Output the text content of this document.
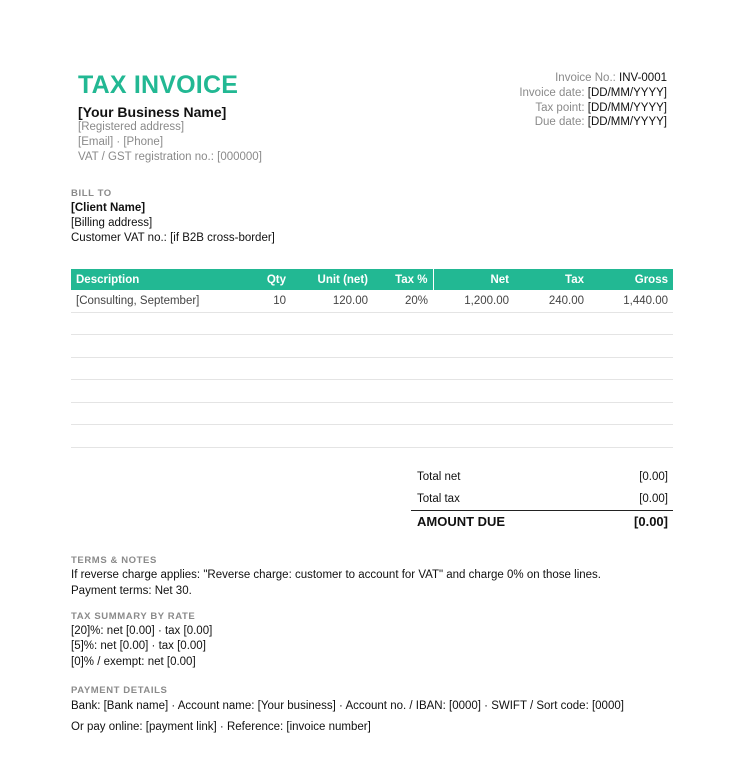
TAX INVOICE
[Your Business Name]
[Registered address]
[Email] · [Phone]
VAT / GST registration no.: [000000]
Invoice No.: INV-0001
Invoice date: [DD/MM/YYYY]
Tax point: [DD/MM/YYYY]
Due date: [DD/MM/YYYY]
BILL TO
[Client Name]
[Billing address]
Customer VAT no.: [if B2B cross-border]
Description	Qty	Unit (net)	Tax %	Net	Tax	Gross
[Consulting, September]	10	120.00	20%	1,200.00	240.00	1,440.00

Total net	[0.00]
Total tax	[0.00]
AMOUNT DUE	[0.00]
TERMS & NOTES
If reverse charge applies: "Reverse charge: customer to account for VAT" and charge 0% on those lines.
Payment terms: Net 30.
TAX SUMMARY BY RATE
[20]%: net [0.00] · tax [0.00]
[5]%: net [0.00] · tax [0.00]
[0]% / exempt: net [0.00]
PAYMENT DETAILS
Bank: [Bank name] · Account name: [Your business] · Account no. / IBAN: [0000] · SWIFT / Sort code: [0000]
Or pay online: [payment link] · Reference: [invoice number]
